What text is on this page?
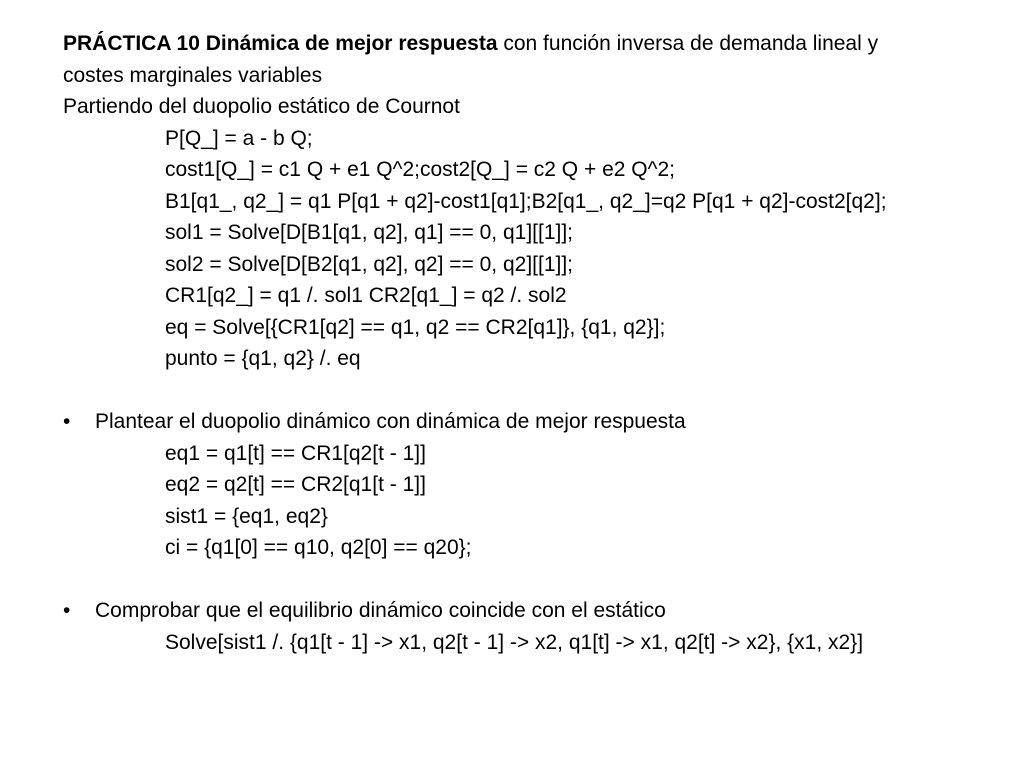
PRÁCTICA 10 Dinámica de mejor respuesta con función inversa de demanda lineal y
costes marginales variables
Partiendo del duopolio estático de Cournot
P[Q_] = a - b Q;
cost1[Q_] = c1 Q + e1 Q^2;cost2[Q_] = c2 Q + e2 Q^2;
B1[q1_, q2_] = q1 P[q1 + q2]-cost1[q1];B2[q1_, q2_]=q2 P[q1 + q2]-cost2[q2];
sol1 = Solve[D[B1[q1, q2], q1] == 0, q1][[1]];
sol2 = Solve[D[B2[q1, q2], q2] == 0, q2][[1]];
CR1[q2_] = q1 /. sol1 CR2[q1_] = q2 /. sol2
eq = Solve[{CR1[q2] == q1, q2 == CR2[q1]}, {q1, q2}];
punto = {q1, q2} /. eq
• Plantear el duopolio dinámico con dinámica de mejor respuesta
eq1 = q1[t] == CR1[q2[t - 1]]
eq2 = q2[t] == CR2[q1[t - 1]]
sist1 = {eq1, eq2}
ci = {q1[0] == q10, q2[0] == q20};
• Comprobar que el equilibrio dinámico coincide con el estático
Solve[sist1 /. {q1[t - 1] -> x1, q2[t - 1] -> x2, q1[t] -> x1, q2[t] -> x2}, {x1, x2}]
